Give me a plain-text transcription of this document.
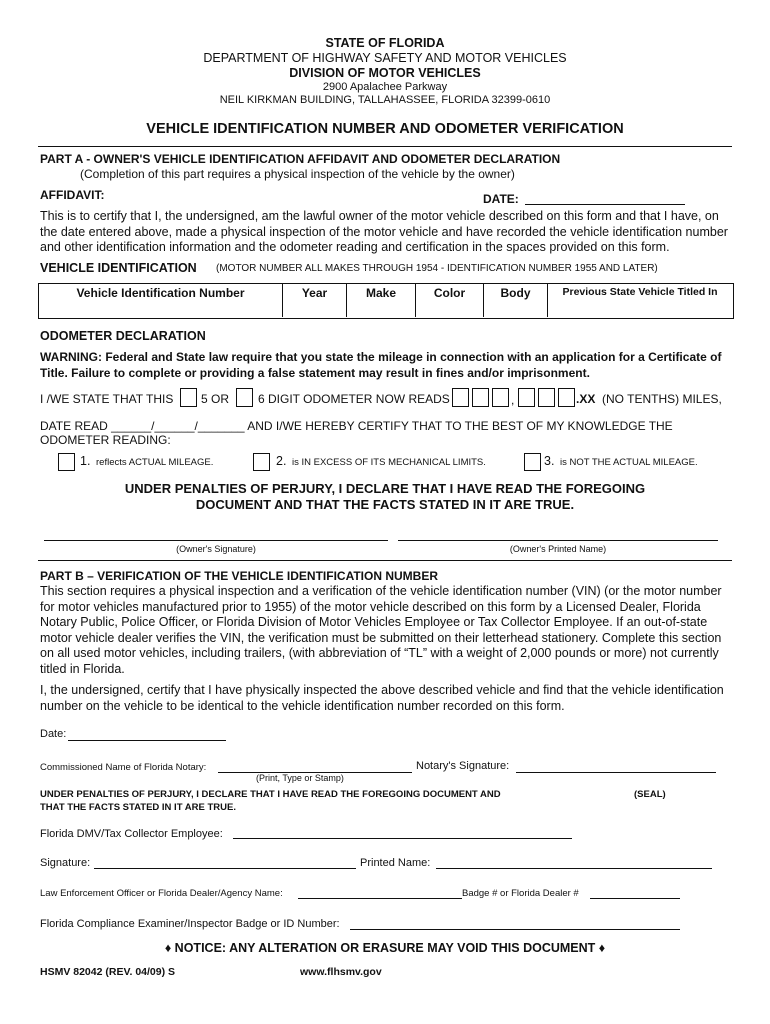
STATE OF FLORIDA
DEPARTMENT OF HIGHWAY SAFETY AND MOTOR VEHICLES
DIVISION OF MOTOR VEHICLES
2900 Apalachee Parkway
NEIL KIRKMAN BUILDING, TALLAHASSEE, FLORIDA 32399-0610
VEHICLE IDENTIFICATION NUMBER AND ODOMETER VERIFICATION
PART A - OWNER'S VEHICLE IDENTIFICATION AFFIDAVIT AND ODOMETER DECLARATION
(Completion of this part requires a physical inspection of the vehicle by the owner)
AFFIDAVIT:	DATE:
This is to certify that I, the undersigned, am the lawful owner of the motor vehicle described on this form and that I have, on the date entered above, made a physical inspection of the motor vehicle and have recorded the vehicle identification number and other identification information and the odometer reading and certification in the spaces provided on this form.
VEHICLE IDENTIFICATION (MOTOR NUMBER ALL MAKES THROUGH 1954 - IDENTIFICATION NUMBER 1955 AND LATER)
Vehicle Identification Number	Year	Make	Color	Body	Previous State Vehicle Titled In
ODOMETER DECLARATION
WARNING: Federal and State law require that you state the mileage in connection with an application for a Certificate of Title. Failure to complete or providing a false statement may result in fines and/or imprisonment.
I /WE STATE THAT THIS 5 OR 6 DIGIT ODOMETER NOW READS	,	.XX (NO TENTHS) MILES,
DATE READ ______/______/_______ AND I/WE HEREBY CERTIFY THAT TO THE BEST OF MY KNOWLEDGE THE
ODOMETER READING:
1. reflects ACTUAL MILEAGE.	2. is IN EXCESS OF ITS MECHANICAL LIMITS.	3. is NOT THE ACTUAL MILEAGE.
UNDER PENALTIES OF PERJURY, I DECLARE THAT I HAVE READ THE FOREGOING
DOCUMENT AND THAT THE FACTS STATED IN IT ARE TRUE.
(Owner's Signature)	(Owner's Printed Name)
PART B – VERIFICATION OF THE VEHICLE IDENTIFICATION NUMBER
This section requires a physical inspection and a verification of the vehicle identification number (VIN) (or the motor number for motor vehicles manufactured prior to 1955) of the motor vehicle described on this form by a Licensed Dealer, Florida Notary Public, Police Officer, or Florida Division of Motor Vehicles Employee or Tax Collector Employee. If an out-of-state motor vehicle dealer verifies the VIN, the verification must be submitted on their letterhead stationery. Complete this section on all used motor vehicles, including trailers, (with abbreviation of “TL” with a weight of 2,000 pounds or more) not currently titled in Florida.
I, the undersigned, certify that I have physically inspected the above described vehicle and find that the vehicle identification number on the vehicle to be identical to the vehicle identification number recorded on this form.
Date:
Commissioned Name of Florida Notary:
(Print, Type or Stamp)
Notary's Signature:
UNDER PENALTIES OF PERJURY, I DECLARE THAT I HAVE READ THE FOREGOING DOCUMENT AND
THAT THE FACTS STATED IN IT ARE TRUE.
(SEAL)
Florida DMV/Tax Collector Employee:
Signature:	Printed Name:
Law Enforcement Officer or Florida Dealer/Agency Name:	Badge # or Florida Dealer #
Florida Compliance Examiner/Inspector Badge or ID Number:
♦ NOTICE: ANY ALTERATION OR ERASURE MAY VOID THIS DOCUMENT ♦
HSMV 82042 (REV. 04/09) S	www.flhsmv.gov
